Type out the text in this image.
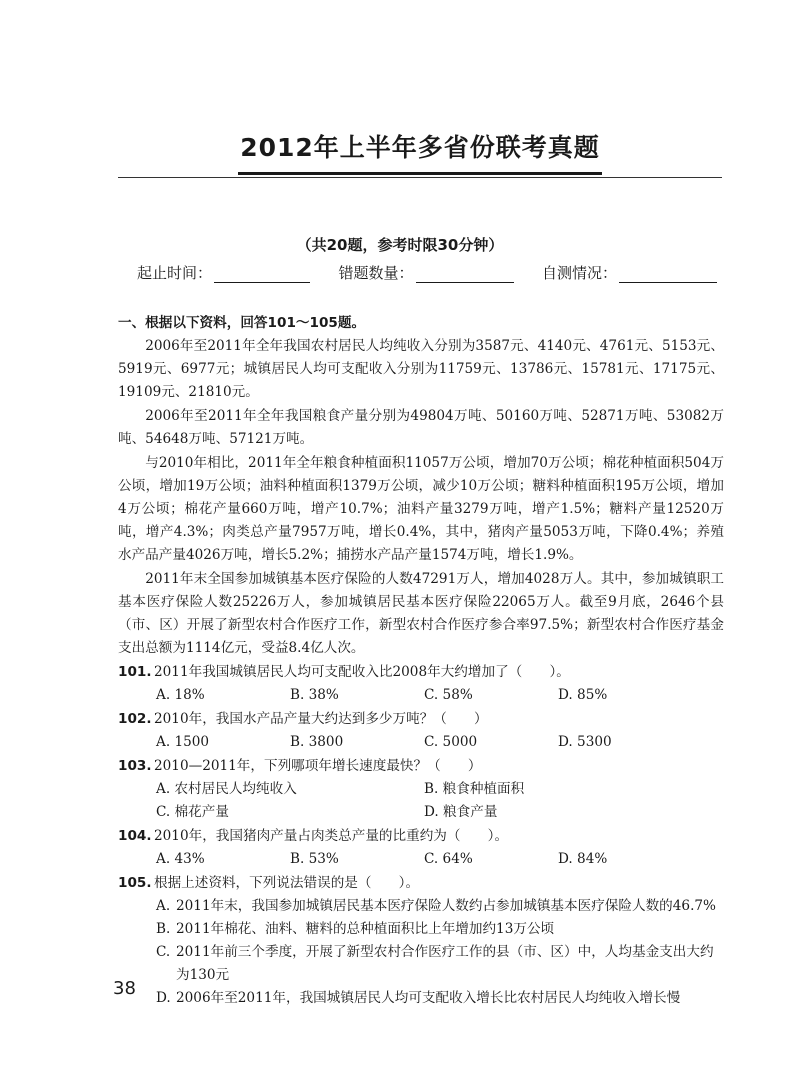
2012年上半年多省份联考真题
（共20题，参考时限30分钟）
起止时间：	错题数量：	自测情况：
一、根据以下资料，回答101～105题。

2006年至2011年全年我国农村居民人均纯收入分别为3587元、4140元、4761元、5153元、5919元、6977元；城镇居民人均可支配收入分别为11759元、13786元、15781元、17175元、19109元、21810元。

2006年至2011年全年我国粮食产量分别为49804万吨、50160万吨、52871万吨、53082万吨、54648万吨、57121万吨。

与2010年相比，2011年全年粮食种植面积11057万公顷，增加70万公顷；棉花种植面积504万公顷，增加19万公顷；油料种植面积1379万公顷，减少10万公顷；糖料种植面积195万公顷，增加4万公顷；棉花产量660万吨，增产10.7%；油料产量3279万吨，增产1.5%；糖料产量12520万吨，增产4.3%；肉类总产量7957万吨，增长0.4%，其中，猪肉产量5053万吨，下降0.4%；养殖水产品产量4026万吨，增长5.2%；捕捞水产品产量1574万吨，增长1.9%。

2011年末全国参加城镇基本医疗保险的人数47291万人，增加4028万人。其中，参加城镇职工基本医疗保险人数25226万人，参加城镇居民基本医疗保险22065万人。截至9月底，2646个县（市、区）开展了新型农村合作医疗工作，新型农村合作医疗参合率97.5%；新型农村合作医疗基金支出总额为1114亿元，受益8.4亿人次。

101. 2011年我国城镇居民人均可支配收入比2008年大约增加了（　　）。
A. 18%	B. 38%	C. 58%	D. 85%
102. 2010年，我国水产品产量大约达到多少万吨？（　　）
A. 1500	B. 3800	C. 5000	D. 5300
103. 2010—2011年，下列哪项年增长速度最快？（　　）
A. 农村居民人均纯收入	B. 粮食种植面积
C. 棉花产量	D. 粮食产量
104. 2010年，我国猪肉产量占肉类总产量的比重约为（　　）。
A. 43%	B. 53%	C. 64%	D. 84%
105. 根据上述资料，下列说法错误的是（　　）。
A. 2011年末，我国参加城镇居民基本医疗保险人数约占参加城镇基本医疗保险人数的46.7%
B. 2011年棉花、油料、糖料的总种植面积比上年增加约13万公顷
C. 2011年前三个季度，开展了新型农村合作医疗工作的县（市、区）中，人均基金支出大约为130元
D. 2006年至2011年，我国城镇居民人均可支配收入增长比农村居民人均纯收入增长慢
38
